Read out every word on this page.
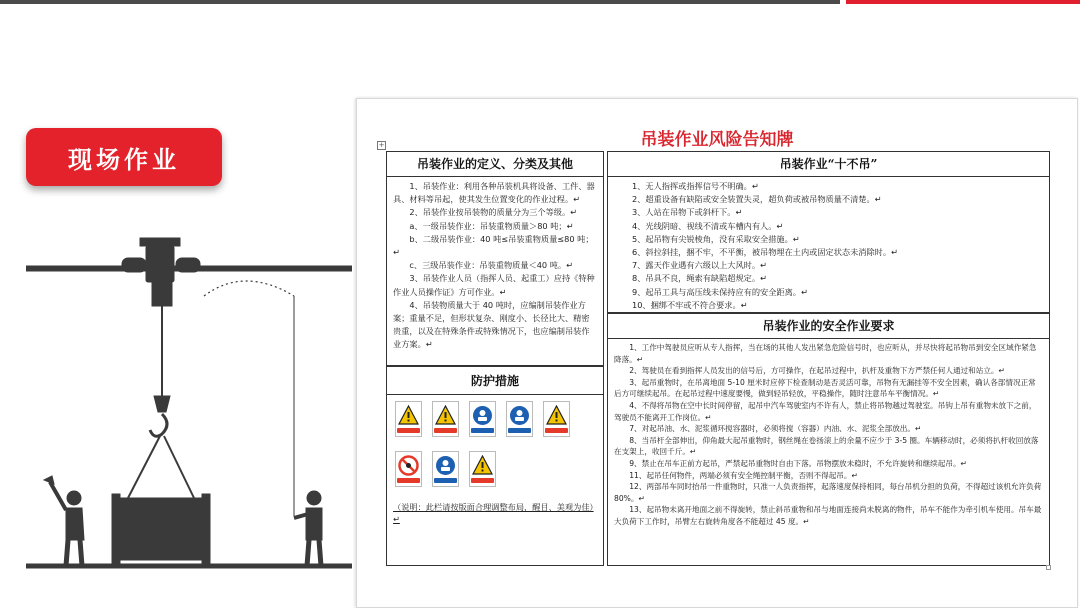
现场作业
+	吊装作业风险告知牌
吊装作业的定义、分类及其他

1、吊装作业：利用各种吊装机具将设备、工件、器具、材料等吊起，使其发生位置变化的作业过程。↵

2、吊装作业按吊装物的质量分为三个等级。↵

a、一级吊装作业：吊装重物质量＞80 吨；↵

b、二级吊装作业：40 吨≤吊装重物质量≤80 吨；↵

c、三级吊装作业：吊装重物质量＜40 吨。↵

3、吊装作业人员（指挥人员、起重工）应持《特种作业人员操作证》方可作业。↵

4、吊装物质量大于 40 吨时，应编制吊装作业方案；重量不足，但形状复杂、刚度小、长径比大、精密贵重，以及在特殊条件或特殊情况下，也应编制吊装作业方案。↵

防护措施
（说明：此栏请按版面合理调整布局，醒目、美观为佳）↵
吊装作业“十不吊”

1、无人指挥或指挥信号不明确。↵

2、超重设备有缺陷或安全装置失灵，超负荷或被吊物质量不清楚。↵

3、人站在吊物下或斜杆下。↵

4、光线阴暗、视线不清或车槽内有人。↵

5、起吊物有尖锐棱角，没有采取安全措施。↵

6、斜拉斜挂，捆不牢，不平衡，被吊物埋在土内或固定状态未消除时。↵

7、露天作业遇有六级以上大风时。↵

8、吊具不良，绳索有缺陷超规定。↵

9、起吊工具与高压线未保持应有的安全距离。↵

10、捆绑不牢或不符合要求。↵

吊装作业的安全作业要求

1、工作中驾驶员应听从专人指挥，当在场的其他人发出紧急危险信号时，也应听从，并尽快将起吊物吊到安全区域作紧急降落。↵

2、驾驶员在看到指挥人员发出的信号后，方可操作，在起吊过程中，扒杆及重物下方严禁任何人通过和站立。↵

3、起吊重物时，在吊离地面 5-10 厘米时应停下检查制动是否灵活可靠，吊物有无漏挂等不安全因素，确认各部情况正常后方可继续起吊。在起吊过程中速度要慢，做到轻吊轻放，平稳操作，随时注意吊车平衡情况。↵

4、不得将吊物在空中长时间停留，起吊中汽车驾驶室内不许有人，禁止将吊物越过驾驶室。吊钩上吊有重物未放下之前，驾驶员不能离开工作岗位。↵

7、对起吊油、水、泥浆循环搅容器时，必须将搅（容器）内油、水、泥浆全部放出。↵

8、当吊杆全部伸出，仰角最大起吊重物时，钢丝绳在卷扬滚上的余量不应少于 3-5 圈。车辆移动时，必须将扒杆收回放落在支架上，收回千斤。↵

9、禁止在吊车正前方起吊，严禁起吊重物时自由下落。吊物摆放未稳时，不允许旋转和继续起吊。↵

11、起吊任何物件，两端必须有安全绳控制平衡，否则不得起吊。↵

12、两部吊车同时抬吊一件重物时，只准一人负责指挥，起落速度保持相同，每台吊机分担的负荷，不得超过该机允许负荷 80%。↵

13、起吊物未离开地面之前不得旋转，禁止斜吊重物和吊与地面连接尚未脱离的物件，吊车不能作为牵引机车使用。吊车最大负荷下工作时，吊臂左右旋转角度各不能超过 45 度。↵
